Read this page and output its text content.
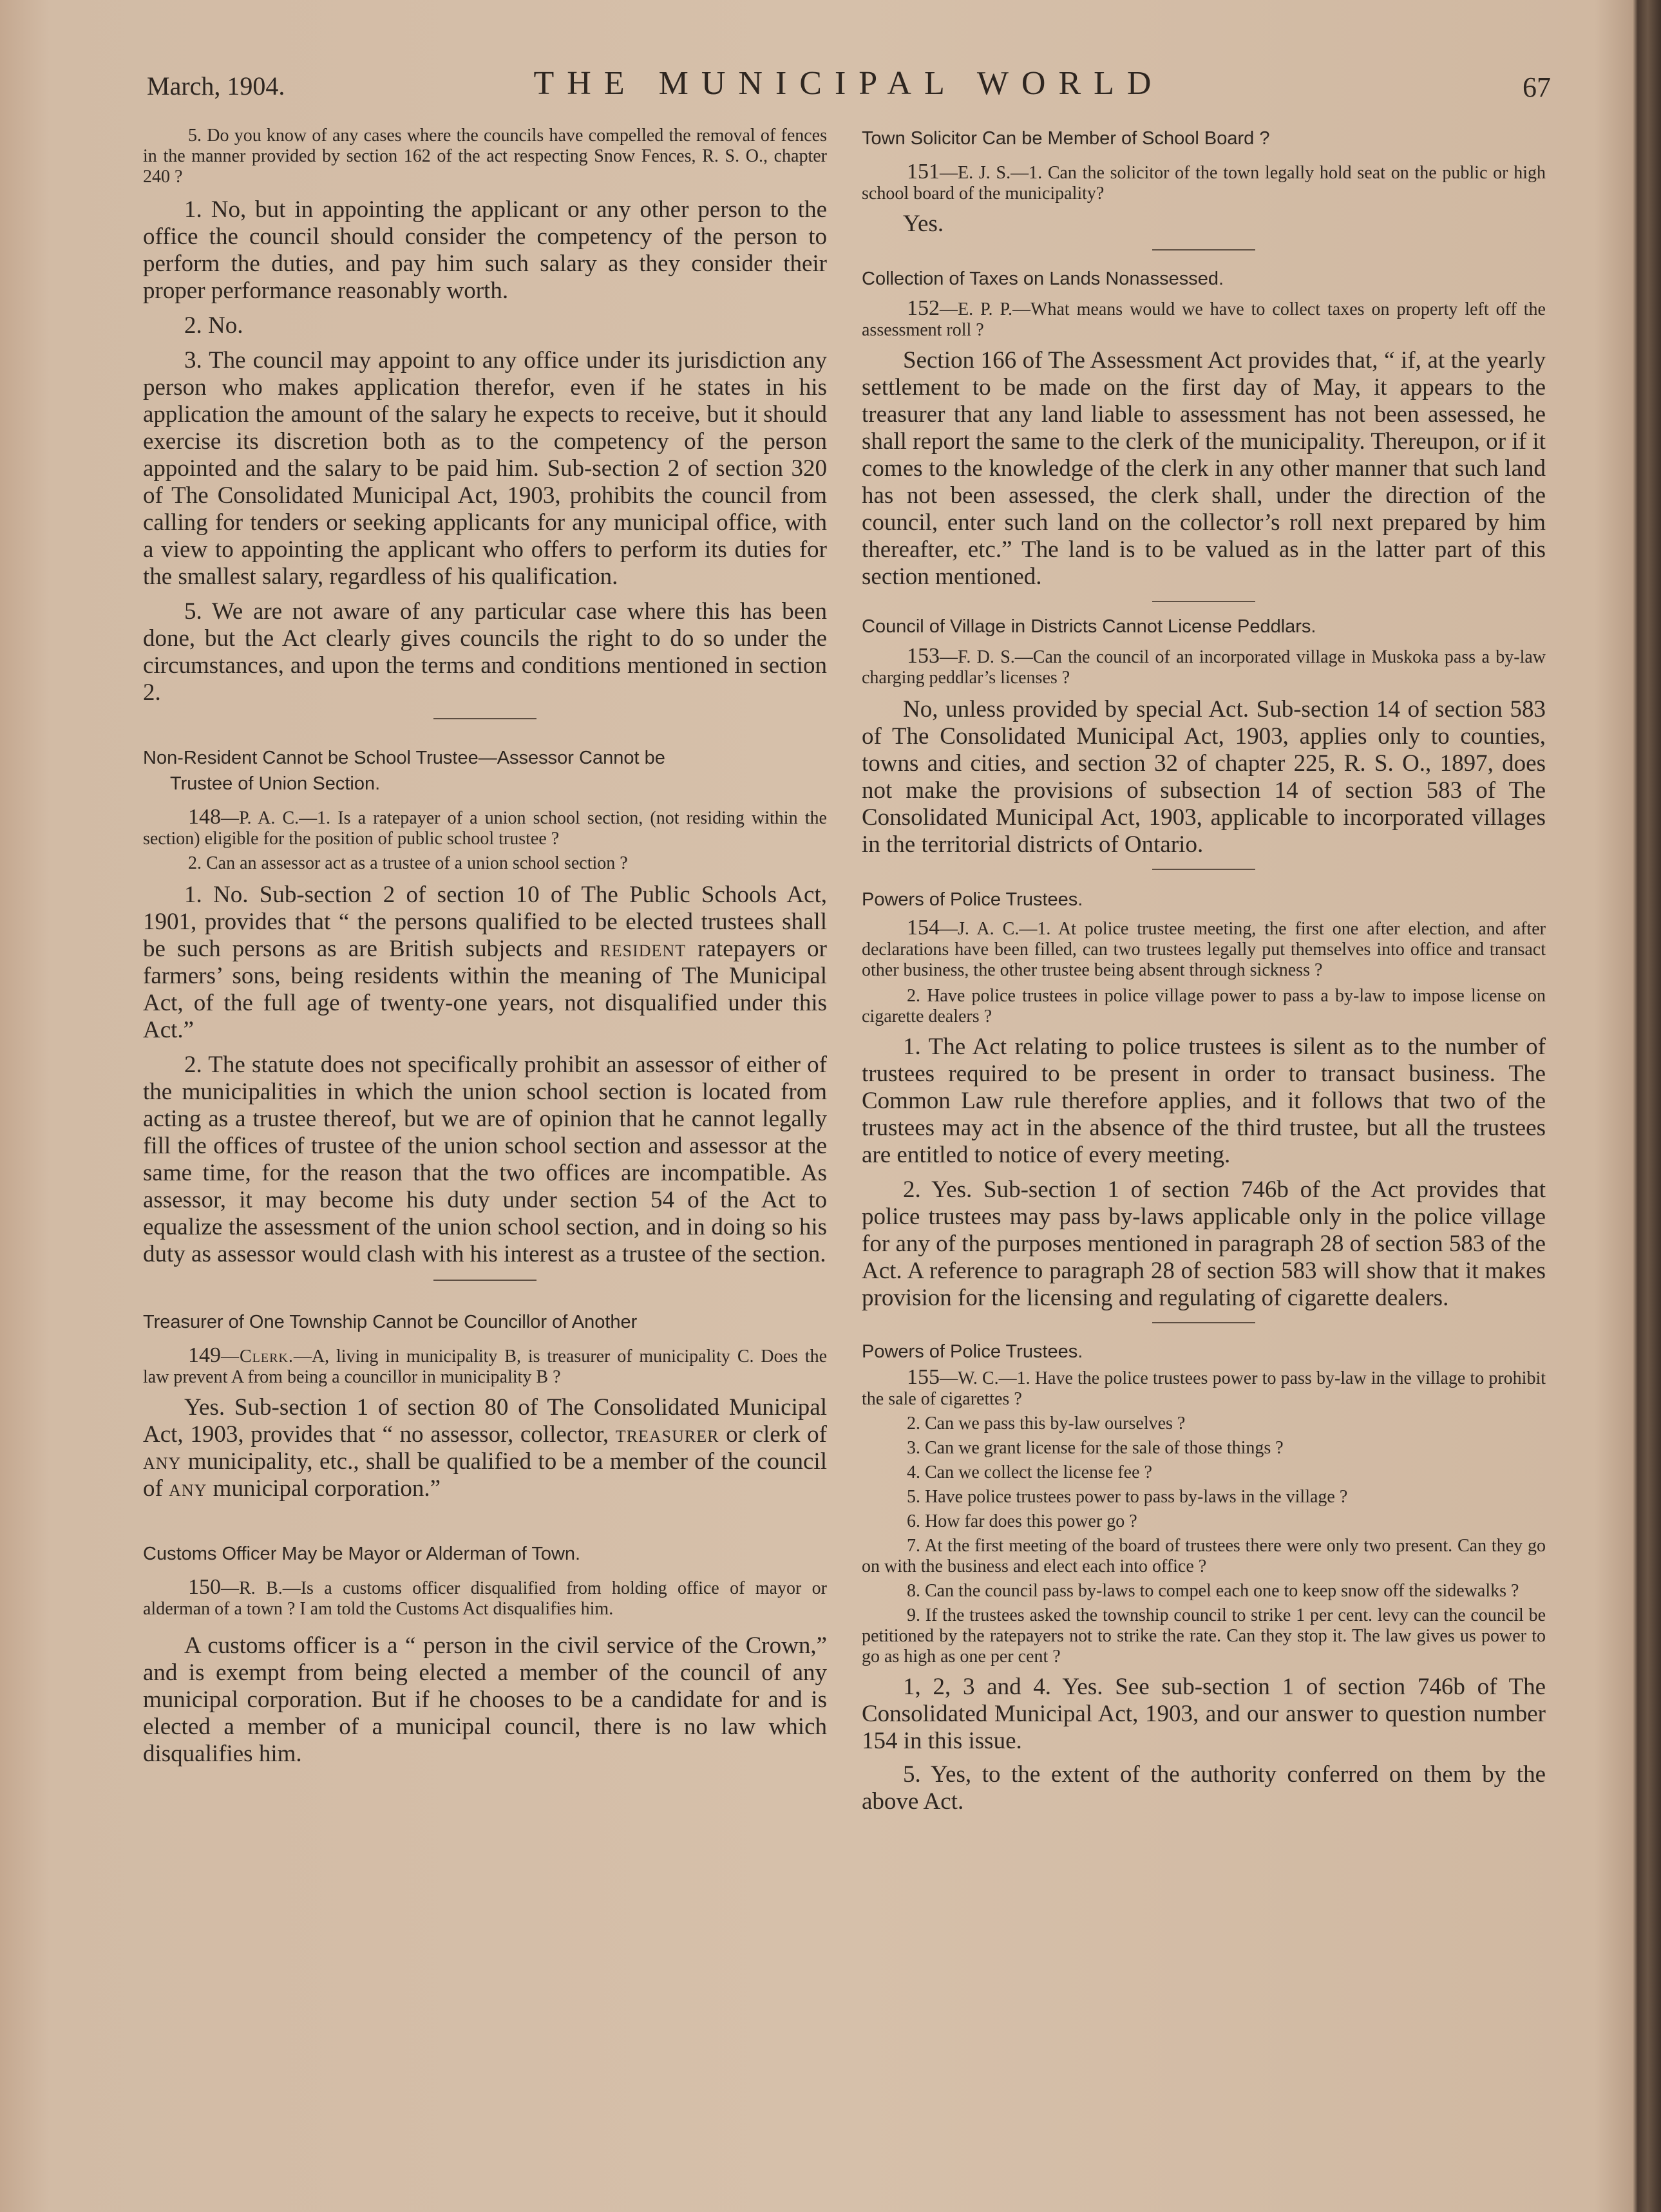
March, 1904.	THE MUNICIPAL WORLD	67

5. Do you know of any cases where the councils have compelled the removal of fences in the manner provided by section 162 of the act respecting Snow Fences, R. S. O., chapter 240 ?

1. No, but in appointing the applicant or any other person to the office the council should consider the competency of the person to perform the duties, and pay him such salary as they consider their proper performance reasonably worth.

2. No.

3. The council may appoint to any office under its jurisdiction any person who makes application therefor, even if he states in his application the amount of the salary he expects to receive, but it should exercise its discretion both as to the competency of the person appointed and the salary to be paid him. Sub-section 2 of section 320 of The Consolidated Municipal Act, 1903, prohibits the council from calling for tenders or seeking applicants for any municipal office, with a view to appointing the applicant who offers to perform its duties for the smallest salary, regardless of his qualification.

5. We are not aware of any particular case where this has been done, but the Act clearly gives councils the right to do so under the circumstances, and upon the terms and conditions mentioned in section 2.

Non-Resident Cannot be School Trustee—Assessor Cannot be

Trustee of Union Section.

148—P. A. C.—1. Is a ratepayer of a union school section, (not residing within the section) eligible for the position of public school trustee ?

2. Can an assessor act as a trustee of a union school section ?

1. No. Sub-section 2 of section 10 of The Public Schools Act, 1901, provides that “ the persons qualified to be elected trustees shall be such persons as are British subjects and resident ratepayers or farmers’ sons, being residents within the meaning of The Municipal Act, of the full age of twenty-one years, not disqualified under this Act.”

2. The statute does not specifically prohibit an assessor of either of the municipalities in which the union school section is located from acting as a trustee thereof, but we are of opinion that he cannot legally fill the offices of trustee of the union school section and assessor at the same time, for the reason that the two offices are incompatible. As assessor, it may become his duty under section 54 of the Act to equalize the assessment of the union school section, and in doing so his duty as assessor would clash with his interest as a trustee of the section.

Treasurer of One Township Cannot be Councillor of Another

149—Clerk.—A, living in municipality B, is treasurer of municipality C. Does the law prevent A from being a councillor in municipality B ?

Yes. Sub-section 1 of section 80 of The Consolidated Municipal Act, 1903, provides that “ no assessor, collector, treasurer or clerk of any municipality, etc., shall be qualified to be a member of the council of any municipal corporation.”

Customs Officer May be Mayor or Alderman of Town.

150—R. B.—Is a customs officer disqualified from holding office of mayor or alderman of a town ? I am told the Customs Act disqualifies him.

A customs officer is a “ person in the civil service of the Crown,” and is exempt from being elected a member of the council of any municipal corporation. But if he chooses to be a candidate for and is elected a member of a municipal council, there is no law which disqualifies him.

Town Solicitor Can be Member of School Board ?

151—E. J. S.—1. Can the solicitor of the town legally hold seat on the public or high school board of the municipality?

Yes.

Collection of Taxes on Lands Nonassessed.

152—E. P. P.—What means would we have to collect taxes on property left off the assessment roll ?

Section 166 of The Assessment Act provides that, “ if, at the yearly settlement to be made on the first day of May, it appears to the treasurer that any land liable to assessment has not been assessed, he shall report the same to the clerk of the municipality. Thereupon, or if it comes to the knowledge of the clerk in any other manner that such land has not been assessed, the clerk shall, under the direction of the council, enter such land on the collector’s roll next prepared by him thereafter, etc.” The land is to be valued as in the latter part of this section mentioned.

Council of Village in Districts Cannot License Peddlars.

153—F. D. S.—Can the council of an incorporated village in Muskoka pass a by-law charging peddlar’s licenses ?

No, unless provided by special Act. Sub-section 14 of section 583 of The Consolidated Municipal Act, 1903, applies only to counties, towns and cities, and section 32 of chapter 225, R. S. O., 1897, does not make the provisions of subsection 14 of section 583 of The Consolidated Municipal Act, 1903, applicable to incorporated villages in the territorial districts of Ontario.

Powers of Police Trustees.

154—J. A. C.—1. At police trustee meeting, the first one after election, and after declarations have been filled, can two trustees legally put themselves into office and transact other business, the other trustee being absent through sickness ?

2. Have police trustees in police village power to pass a by-law to impose license on cigarette dealers ?

1. The Act relating to police trustees is silent as to the number of trustees required to be present in order to transact business. The Common Law rule therefore applies, and it follows that two of the trustees may act in the absence of the third trustee, but all the trustees are entitled to notice of every meeting.

2. Yes. Sub-section 1 of section 746b of the Act provides that police trustees may pass by-laws applicable only in the police village for any of the purposes mentioned in paragraph 28 of section 583 of the Act. A reference to paragraph 28 of section 583 will show that it makes provision for the licensing and regulating of cigarette dealers.

Powers of Police Trustees.

155—W. C.—1. Have the police trustees power to pass by-law in the village to prohibit the sale of cigarettes ?

2. Can we pass this by-law ourselves ?

3. Can we grant license for the sale of those things ?

4. Can we collect the license fee ?

5. Have police trustees power to pass by-laws in the village ?

6. How far does this power go ?

7. At the first meeting of the board of trustees there were only two present. Can they go on with the business and elect each into office ?

8. Can the council pass by-laws to compel each one to keep snow off the sidewalks ?

9. If the trustees asked the township council to strike 1 per cent. levy can the council be petitioned by the ratepayers not to strike the rate. Can they stop it. The law gives us power to go as high as one per cent ?

1, 2, 3 and 4. Yes. See sub-section 1 of section 746b of The Consolidated Municipal Act, 1903, and our answer to question number 154 in this issue.

5. Yes, to the extent of the authority conferred on them by the above Act.
